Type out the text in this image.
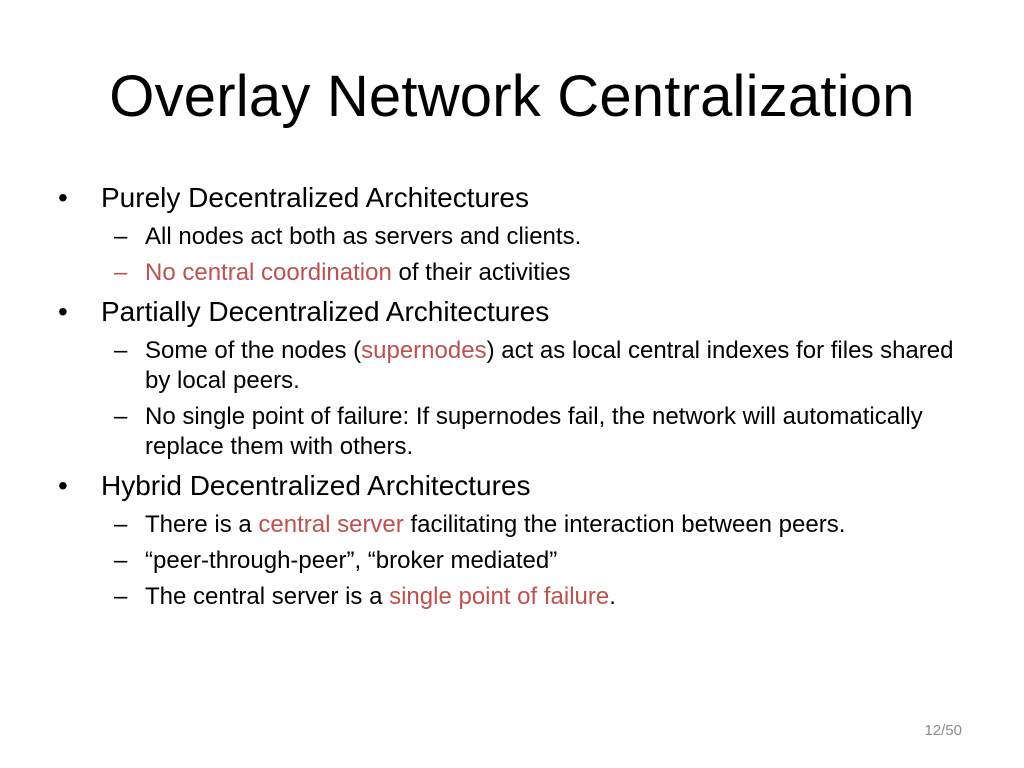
Overlay Network Centralization
•	Purely Decentralized Architectures
– All nodes act both as servers and clients.
– No central coordination of their activities
•	Partially Decentralized Architectures
– Some of the nodes (supernodes) act as local central indexes for files shared by local peers.
– No single point of failure: If supernodes fail, the network will automatically replace them with others.
•	Hybrid Decentralized Architectures
– There is a central server facilitating the interaction between peers.
– “peer-through-peer”, “broker mediated”
– The central server is a single point of failure.
12/50
